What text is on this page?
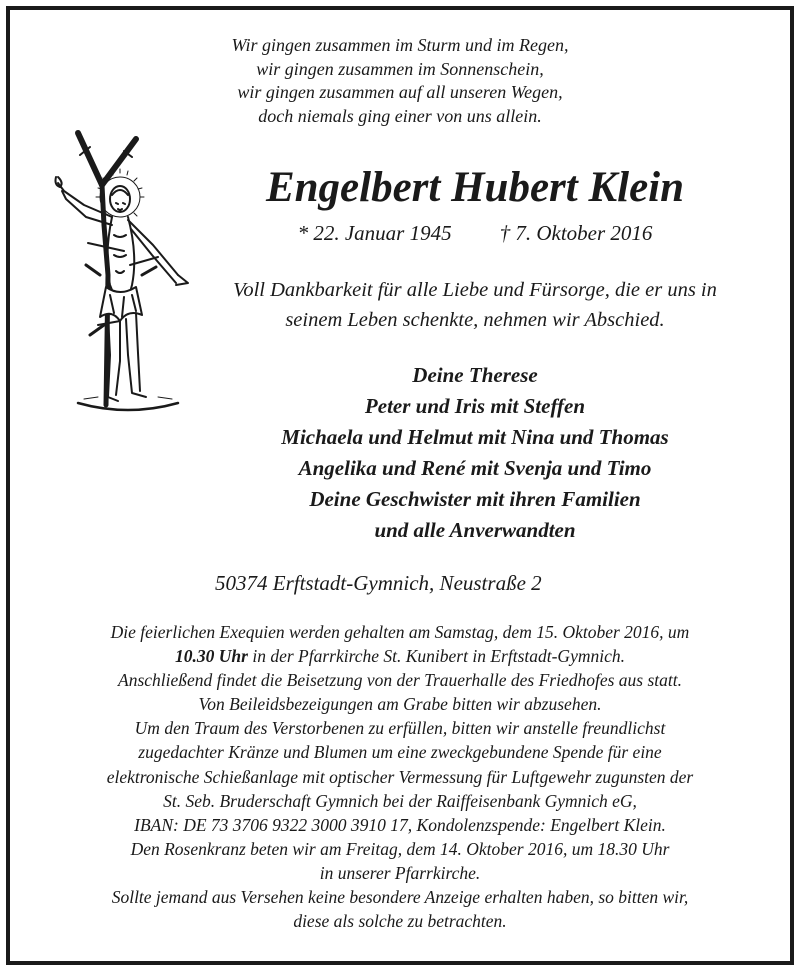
Wir gingen zusammen im Sturm und im Regen,
wir gingen zusammen im Sonnenschein,
wir gingen zusammen auf all unseren Wegen,
doch niemals ging einer von uns allein.
Engelbert Hubert Klein
* 22. Januar 1945 † 7. Oktober 2016
Voll Dankbarkeit für alle Liebe und Fürsorge, die er uns in
seinem Leben schenkte, nehmen wir Abschied.
Deine Therese
Peter und Iris mit Steffen
Michaela und Helmut mit Nina und Thomas
Angelika und René mit Svenja und Timo
Deine Geschwister mit ihren Familien
und alle Anverwandten
50374 Erftstadt-Gymnich, Neustraße 2
Die feierlichen Exequien werden gehalten am Samstag, dem 15. Oktober 2016, um
10.30 Uhr in der Pfarrkirche St. Kunibert in Erftstadt-Gymnich.
Anschließend findet die Beisetzung von der Trauerhalle des Friedhofes aus statt.
Von Beileidsbezeigungen am Grabe bitten wir abzusehen.
Um den Traum des Verstorbenen zu erfüllen, bitten wir anstelle freundlichst
zugedachter Kränze und Blumen um eine zweckgebundene Spende für eine
elektronische Schießanlage mit optischer Vermessung für Luftgewehr zugunsten der
St. Seb. Bruderschaft Gymnich bei der Raiffeisenbank Gymnich eG,
IBAN: DE 73 3706 9322 3000 3910 17, Kondolenzspende: Engelbert Klein.
Den Rosenkranz beten wir am Freitag, dem 14. Oktober 2016, um 18.30 Uhr
in unserer Pfarrkirche.
Sollte jemand aus Versehen keine besondere Anzeige erhalten haben, so bitten wir,
diese als solche zu betrachten.
